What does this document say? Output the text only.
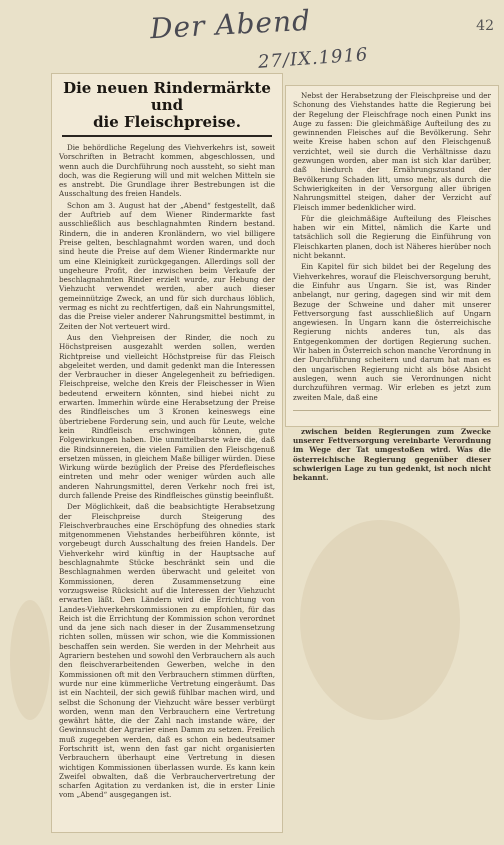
Der Abend
27/IX.1916
42
Die neuen Rindermärkte und
die Fleischpreise.

Die behördliche Regelung des Viehverkehrs ist, soweit Vorschriften in Betracht kommen, abgeschlossen, und wenn auch die Durchführung noch aussteht, so sieht man doch, was die Regierung will und mit welchen Mitteln sie es anstrebt. Die Grundlage ihrer Bestrebungen ist die Ausschaltung des freien Handels.

Schon am 3. August hat der „Abend“ festgestellt, daß der Auftrieb auf dem Wiener Rindermarkte fast ausschließlich aus beschlagnahmten Rindern bestand. Rindern, die in anderen Kronländern, wo viel billigere Preise gelten, beschlagnahmt worden waren, und doch sind heute die Preise auf dem Wiener Rindermarkte nur um eine Kleinigkeit zurückgegangen. Allerdings soll der ungeheure Profit, der inzwischen beim Verkaufe der beschlagnahmten Rinder erzielt wurde, zur Hebung der Viehzucht verwendet werden, aber auch dieser gemeinnützige Zweck, an und für sich durchaus löblich, vermag es nicht zu rechtfertigen, daß ein Nahrungsmittel, das die Preise vieler anderer Nahrungsmittel bestimmt, in Zeiten der Not verteuert wird.

Aus den Viehpreisen der Rinder, die noch zu Höchstpreisen ausgezahlt werden sollen, werden Richtpreise und vielleicht Höchstpreise für das Fleisch abgeleitet werden, und damit gedenkt man die Interessen der Verbraucher in dieser Angelegenheit zu befriedigen. Fleischpreise, welche den Kreis der Fleischesser in Wien bedeutend erweitern könnten, sind hiebei nicht zu erwarten. Immerhin würde eine Herabsetzung der Preise des Rindfleisches um 3 Kronen keineswegs eine übertriebene Forderung sein, und auch für Leute, welche kein Rindfleisch erschwingen können, gute Folgewirkungen haben. Die unmittelbarste wäre die, daß die Rindsinnereien, die vielen Familien den Fleischgenuß ersetzen müssen, in gleichem Maße billiger würden. Diese Wirkung würde bezüglich der Preise des Pferdefleisches eintreten und mehr oder weniger würden auch alle anderen Nahrungsmittel, deren Verkehr noch frei ist, durch fallende Preise des Rindfleisches günstig beeinflußt.

Der Möglichkeit, daß die beabsichtigte Herabsetzung der Fleischpreise durch Steigerung des Fleischverbrauches eine Erschöpfung des ohnedies stark mitgenommenen Viehstandes herbeiführen könnte, ist vorgebeugt durch Ausschaltung des freien Handels. Der Viehverkehr wird künftig in der Hauptsache auf beschlagnahmte Stücke beschränkt sein und die Beschlagnahmen werden überwacht und geleitet von Kommissionen, deren Zusammensetzung eine vorzugsweise Rücksicht auf die Interessen der Viehzucht erwarten läßt. Den Ländern wird die Errichtung von Landes-Viehverkehrskommissionen zu empfohlen, für das Reich ist die Errichtung der Kommission schon verordnet und da jene sich nach dieser in der Zusammensetzung richten sollen, müssen wir schon, wie die Kommissionen beschaffen sein werden. Sie werden in der Mehrheit aus Agrariern bestehen und sowohl den Verbrauchern als auch den fleischverarbeitenden Gewerben, welche in den Kommissionen oft mit den Verbrauchern stimmen dürften, wurde nur eine kümmerliche Vertretung eingeräumt. Das ist ein Nachteil, der sich gewiß fühlbar machen wird, und selbst die Schonung der Viehzucht wäre besser verbürgt worden, wenn man den Verbrauchern eine Vertretung gewährt hätte, die der Zahl nach imstande wäre, der Gewinnsucht der Agrarier einen Damm zu setzen. Freilich muß zugegeben werden, daß es schon ein bedeutsamer Fortschritt ist, wenn den fast gar nicht organisierten Verbrauchern überhaupt eine Vertretung in diesen wichtigen Kommissionen überlassen wurde. Es kann kein Zweifel obwalten, daß die Verbrauchervertretung der scharfen Agitation zu verdanken ist, die in erster Linie vom „Abend“ ausgegangen ist.

Nebst der Herabsetzung der Fleischpreise und der Schonung des Viehstandes hatte die Regierung bei der Regelung der Fleischfrage noch einen Punkt ins Auge zu fassen: Die gleichmäßige Aufteilung des zu gewinnenden Fleisches auf die Bevölkerung. Sehr weite Kreise haben schon auf den Fleischgenuß verzichtet, weil sie durch die Verhältnisse dazu gezwungen worden, aber man ist sich klar darüber, daß hiedurch der Ernährungszustand der Bevölkerung Schaden litt, umso mehr, als durch die Schwierigkeiten in der Versorgung aller übrigen Nahrungsmittel steigen, daher der Verzicht auf Fleisch immer bedenklicher wird.

Für die gleichmäßige Aufteilung des Fleisches haben wir ein Mittel, nämlich die Karte und tatsächlich soll die Regierung die Einführung von Fleischkarten planen, doch ist Näheres hierüber noch nicht bekannt.

Ein Kapitel für sich bildet bei der Regelung des Viehverkehres, worauf die Fleischversorgung beruht, die Einfuhr aus Ungarn. Sie ist, was Rinder anbelangt, nur gering, dagegen sind wir mit dem Bezuge der Schweine und daher mit unserer Fettversorgung fast ausschließlich auf Ungarn angewiesen. In Ungarn kann die österreichische Regierung nichts anderes tun, als das Entgegenkommen der dortigen Regierung suchen. Wir haben in Österreich schon manche Verordnung in der Durchführung scheitern und darum hat man es den ungarischen Regierung nicht als böse Absicht auslegen, wenn auch sie Verordnungen nicht durchzuführen vermag. Wir erleben es jetzt zum zweiten Male, daß eine

zwischen beiden Regierungen zum Zwecke unserer Fettversorgung vereinbarte Verordnung im Wege der Tat umgestoßen wird. Was die österreichische Regierung gegenüber dieser schwierigen Lage zu tun gedenkt, ist noch nicht bekannt.
